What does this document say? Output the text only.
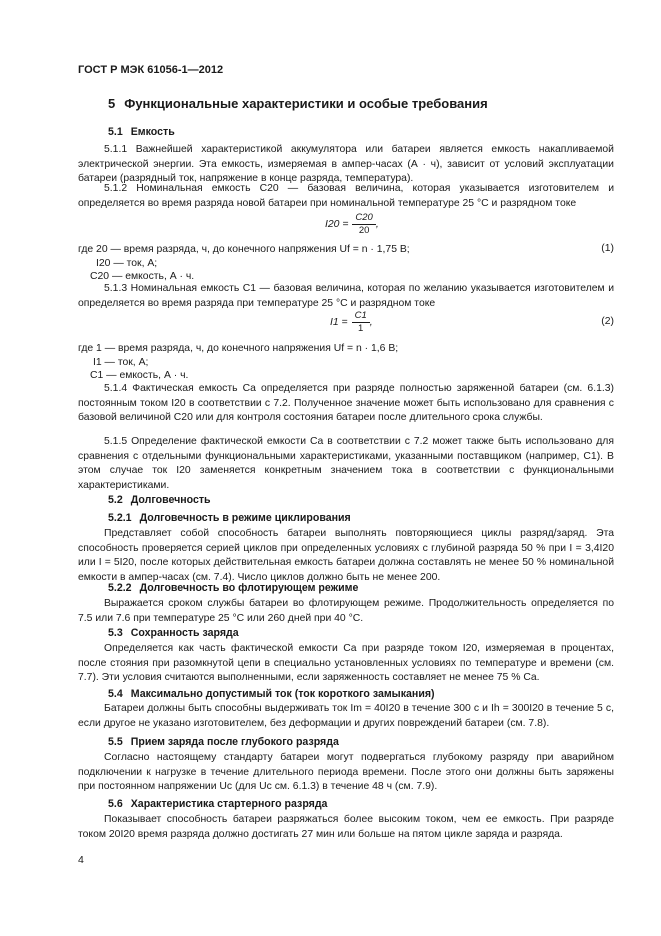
ГОСТ Р МЭК 61056-1—2012
5 Функциональные характеристики и особые требования
5.1 Емкость

5.1.1 Важнейшей характеристикой аккумулятора или батареи является емкость накапливаемой электрической энергии. Эта емкость, измеряемая в ампер-часах (А · ч), зависит от условий эксплуатации батареи (разрядный ток, напряжение в конце разряда, температура).

5.1.2 Номинальная емкость C20 — базовая величина, которая указывается изготовителем и определяется во время разряда новой батареи при номинальной температуре 25 °C и разрядном токе

$I20 = \frac{C20}{20}$ ,
(1)
где 20 — время разряда, ч, до конечного напряжения Uf = n · 1,75 В;
I20 — ток, А;
C20 — емкость, А · ч.

5.1.3 Номинальная емкость C1 — базовая величина, которая по желанию указывается изготовителем и определяется во время разряда при температуре 25 °C и разрядном токе

$I1 = \frac{C1}{1}$ ,	(2)
где 1 — время разряда, ч, до конечного напряжения Uf = n · 1,6 В;
I1 — ток, А;
C1 — емкость, А · ч.

5.1.4 Фактическая емкость Ca определяется при разряде полностью заряженной батареи (см. 6.1.3) постоянным током I20 в соответствии с 7.2. Полученное значение может быть использовано для сравнения с базовой величиной C20 или для контроля состояния батареи после длительного срока службы.

5.1.5 Определение фактической емкости Ca в соответствии с 7.2 может также быть использовано для сравнения с отдельными функциональными характеристиками, указанными поставщиком (например, C1). В этом случае ток I20 заменяется конкретным значением тока в соответствии с функциональными характеристиками.

5.2 Долговечность
5.2.1 Долговечность в режиме циклирования

Представляет собой способность батареи выполнять повторяющиеся циклы разряд/заряд. Эта способность проверяется серией циклов при определенных условиях с глубиной разряда 50 % при I = 3,4I20 или I = 5I20, после которых действительная емкость батареи должна составлять не менее 50 % номинальной емкости в ампер-часах (см. 7.4). Число циклов должно быть не менее 200.

5.2.2 Долговечность во флотирующем режиме

Выражается сроком службы батареи во флотирующем режиме. Продолжительность определяется по 7.5 или 7.6 при температуре 25 °C или 260 дней при 40 °C.

5.3 Сохранность заряда

Определяется как часть фактической емкости Ca при разряде током I20, измеряемая в процентах, после стояния при разомкнутой цепи в специально установленных условиях по температуре и времени (см. 7.7). Эти условия считаются выполненными, если заряженность составляет не менее 75 % Ca.

5.4 Максимально допустимый ток (ток короткого замыкания)

Батареи должны быть способны выдерживать ток Im = 40I20 в течение 300 с и Ih = 300I20 в течение 5 с, если другое не указано изготовителем, без деформации и других повреждений батареи (см. 7.8).

5.5 Прием заряда после глубокого разряда

Согласно настоящему стандарту батареи могут подвергаться глубокому разряду при аварийном подключении к нагрузке в течение длительного периода времени. После этого они должны быть заряжены при постоянном напряжении Uc (для Uc см. 6.1.3) в течение 48 ч (см. 7.9).

5.6 Характеристика стартерного разряда

Показывает способность батареи разряжаться более высоким током, чем ее емкость. При разряде током 20I20 время разряда должно достигать 27 мин или больше на пятом цикле заряда и разряда.

4
